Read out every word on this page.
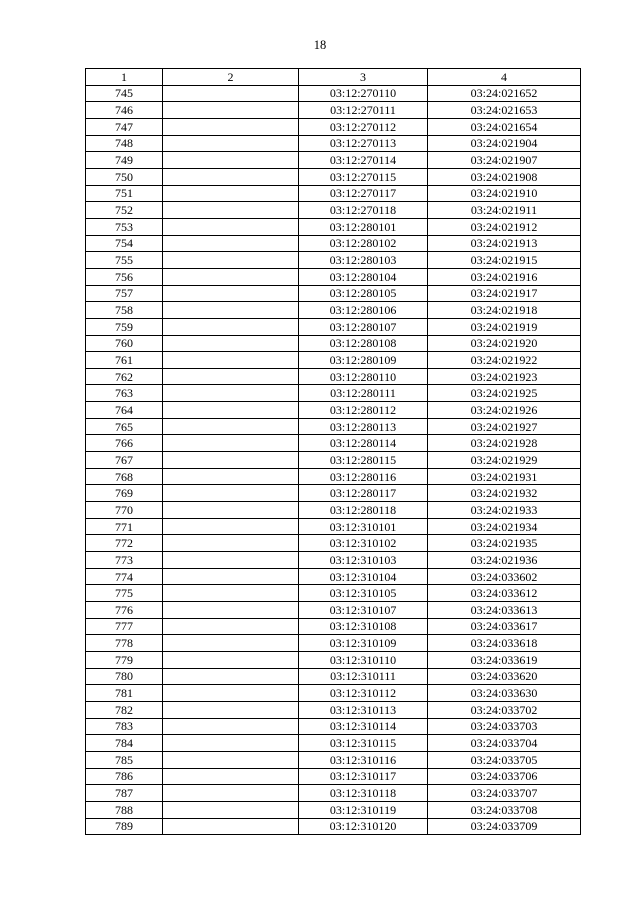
18
1	2	3	4
745		03:12:270110	03:24:021652
746		03:12:270111	03:24:021653
747		03:12:270112	03:24:021654
748		03:12:270113	03:24:021904
749		03:12:270114	03:24:021907
750		03:12:270115	03:24:021908
751		03:12:270117	03:24:021910
752		03:12:270118	03:24:021911
753		03:12:280101	03:24:021912
754		03:12:280102	03:24:021913
755		03:12:280103	03:24:021915
756		03:12:280104	03:24:021916
757		03:12:280105	03:24:021917
758		03:12:280106	03:24:021918
759		03:12:280107	03:24:021919
760		03:12:280108	03:24:021920
761		03:12:280109	03:24:021922
762		03:12:280110	03:24:021923
763		03:12:280111	03:24:021925
764		03:12:280112	03:24:021926
765		03:12:280113	03:24:021927
766		03:12:280114	03:24:021928
767		03:12:280115	03:24:021929
768		03:12:280116	03:24:021931
769		03:12:280117	03:24:021932
770		03:12:280118	03:24:021933
771		03:12:310101	03:24:021934
772		03:12:310102	03:24:021935
773		03:12:310103	03:24:021936
774		03:12:310104	03:24:033602
775		03:12:310105	03:24:033612
776		03:12:310107	03:24:033613
777		03:12:310108	03:24:033617
778		03:12:310109	03:24:033618
779		03:12:310110	03:24:033619
780		03:12:310111	03:24:033620
781		03:12:310112	03:24:033630
782		03:12:310113	03:24:033702
783		03:12:310114	03:24:033703
784		03:12:310115	03:24:033704
785		03:12:310116	03:24:033705
786		03:12:310117	03:24:033706
787		03:12:310118	03:24:033707
788		03:12:310119	03:24:033708
789		03:12:310120	03:24:033709
